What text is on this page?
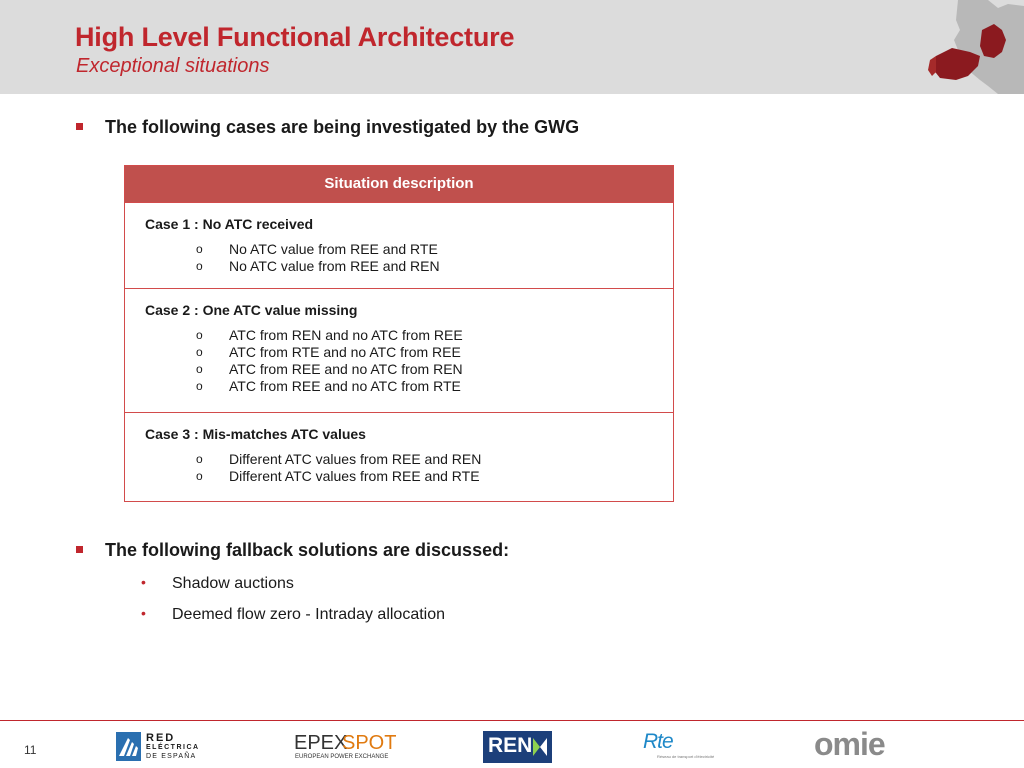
High Level Functional Architecture
Exceptional situations
The following cases are being investigated by the GWG
Situation description
Case 1 : No ATC received
o No ATC value from REE and RTE
o No ATC value from REE and REN
Case 2 : One ATC value missing
o ATC from REN and no ATC from REE
o ATC from RTE and no ATC from REE
o ATC from REE and no ATC from REN
o ATC from REE and no ATC from RTE
Case 3 : Mis-matches ATC values
o Different ATC values from REE and REN
o Different ATC values from REE and RTE
The following fallback solutions are discussed:
• Shadow auctions
• Deemed flow zero - Intraday allocation
11
RED
ELÉCTRICA
DE ESPAÑA
EPEX
SPOT
EUROPEAN POWER EXCHANGE	REN	Rte
Réseau de transport d'électricité	omie
